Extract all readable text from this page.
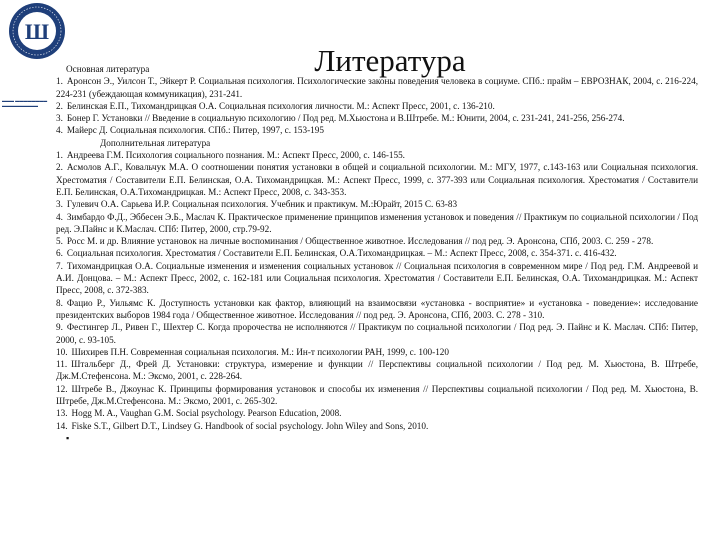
Ш
▬▬▬ ▬▬▬▬▬▬▬▬
▬▬▬▬▬▬▬▬▬
Литература
Основная литература
1. Аронсон Э., Уилсон Т., Эйкерт Р. Социальная психология. Психологические законы поведения человека в социуме. СПб.: прайм – ЕВРОЗНАК, 2004, с. 216-224, 224-231 (убеждающая коммуникация), 231-241.
2. Белинская Е.П., Тихомандрицкая О.А. Социальная психология личности. М.: Аспект Пресс, 2001, с. 136-210.
3. Бонер Г. Установки // Введение в социальную психологию / Под ред. М.Хьюстона и В.Штребе. М.: Юнити, 2004, с. 231-241, 241-256, 256-274.
4. Майерс Д. Социальная психология. СПб.: Питер, 1997, с. 153-195
Дополнительная литература
1. Андреева Г.М. Психология социального познания. М.: Аспект Пресс, 2000, с. 146-155.
2. Асмолов А.Г., Ковальчук М.А. О соотношении понятия установки в общей и социальной психологии. М.: МГУ, 1977, с.143-163 или Социальная психология. Хрестоматия / Составители Е.П. Белинская, О.А. Тихомандрицкая. М.: Аспект Пресс, 1999, с. 377-393 или Социальная психология. Хрестоматия / Составители Е.П. Белинская, О.А.Тихомандрицкая. М.: Аспект Пресс, 2008, с. 343-353.
3. Гулевич О.А. Сарьева И.Р. Социальная психология. Учебник и практикум. М.:Юрайт, 2015 С. 63-83
4. Зимбардо Ф.Д., Эббесен Э.Б., Маслач К. Практическое применение принципов изменения установок и поведения // Практикум по социальной психологии / Под ред. Э.Пайнс и К.Маслач. СПб: Питер, 2000, стр.79-92.
5. Росс М. и др. Влияние установок на личные воспоминания / Общественное животное. Исследования // под ред. Э. Аронсона, СПб, 2003. С. 259 - 278.
6. Социальная психология. Хрестоматия / Составители Е.П. Белинская, О.А.Тихомандрицкая. – М.: Аспект Пресс, 2008, с. 354-371. с. 416-432.
7. Тихомандрицкая О.А. Социальные изменения и изменения социальных установок // Социальная психология в современном мире / Под ред. Г.М. Андреевой и А.И. Донцова. – М.: Аспект Пресс, 2002, с. 162-181 или Социальная психология. Хрестоматия / Составители Е.П. Белинская, О.А. Тихомандрицкая. М.: Аспект Пресс, 2008, с. 372-383.
8. Фацио Р., Уильямс К. Доступность установки как фактор, влияющий на взаимосвязи «установка - восприятие» и «установка - поведение»: исследование президентских выборов 1984 года / Общественное животное. Исследования // под ред. Э. Аронсона, СПб, 2003. С. 278 - 310.
9. Фестингер Л., Ривен Г., Шехтер С. Когда пророчества не исполняются // Практикум по социальной психологии / Под ред. Э. Пайнс и К. Маслач. СПб: Питер, 2000, с. 93-105.
10. Шихирев П.Н. Современная социальная психология. М.: Ин-т психологии РАН, 1999, с. 100-120
11. Штальберг Д., Фрей Д. Установки: структура, измерение и функции // Перспективы социальной психологии / Под ред. М. Хьюстона, В. Штребе, Дж.М.Стефенсона. М.: Эксмо, 2001, с. 228-264.
12. Штребе В., Джоунас К. Принципы формирования установок и способы их изменения // Перспективы социальной психологии / Под ред. М. Хьюстона, В. Штребе, Дж.М.Стефенсона. М.: Эксмо, 2001, с. 265-302.
13. Hogg M. A., Vaughan G.M. Social psychology. Pearson Education, 2008.
14. Fiske S.T., Gilbert D.T., Lindsey G. Handbook of social psychology. John Wiley and Sons, 2010.
▪
